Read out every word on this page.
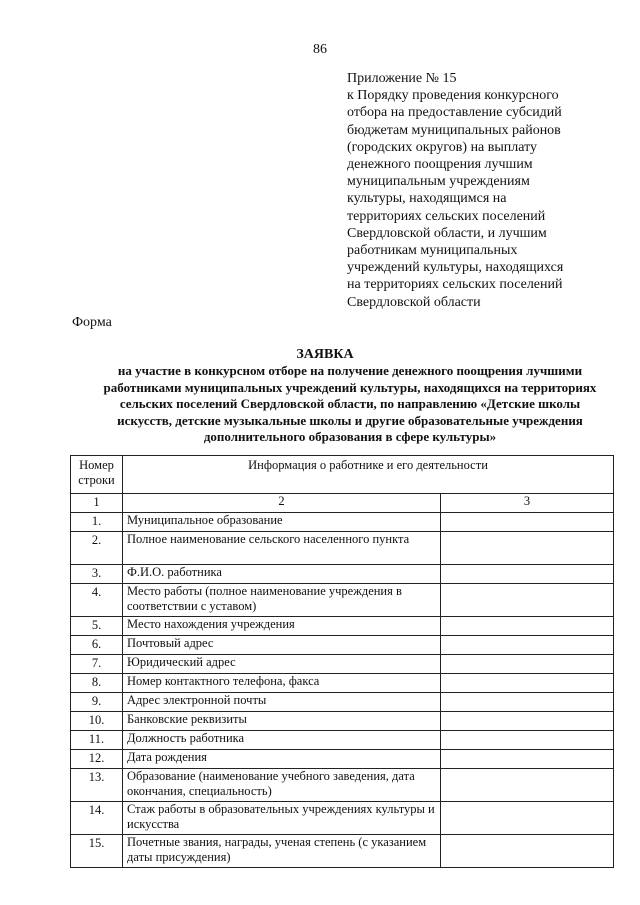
86
Приложение № 15
к Порядку проведения конкурсного
отбора на предоставление субсидий
бюджетам муниципальных районов
(городских округов) на выплату
денежного поощрения лучшим
муниципальным учреждениям
культуры, находящимся на
территориях сельских поселений
Свердловской области, и лучшим
работникам муниципальных
учреждений культуры, находящихся
на территориях сельских поселений
Свердловской области
Форма
ЗАЯВКА
на участие в конкурсном отборе на получение денежного поощрения лучшими
работниками муниципальных учреждений культуры, находящихся на территориях
сельских поселений Свердловской области, по направлению «Детские школы
искусств, детские музыкальные школы и другие образовательные учреждения
дополнительного образования в сфере культуры»
Номер строки	Информация о работнике и его деятельности	
1	2	3
1.	Муниципальное образование	
2.	Полное наименование сельского населенного пункта	
3.	Ф.И.О. работника	
4.	Место работы (полное наименование учреждения в соответствии с уставом)	
5.	Место нахождения учреждения	
6.	Почтовый адрес	
7.	Юридический адрес	
8.	Номер контактного телефона, факса	
9.	Адрес электронной почты	
10.	Банковские реквизиты	
11.	Должность работника	
12.	Дата рождения	
13.	Образование (наименование учебного заведения, дата окончания, специальность)	
14.	Стаж работы в образовательных учреждениях культуры и искусства	
15.	Почетные звания, награды, ученая степень (с указанием даты присуждения)	
